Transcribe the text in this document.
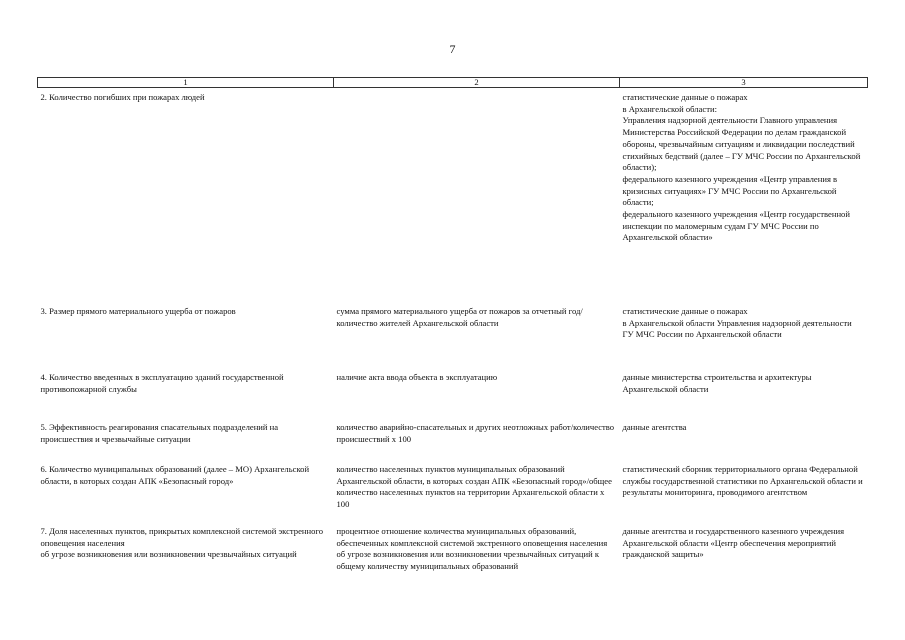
7
1	2	3
2. Количество погибших при пожарах людей		статистические данные о пожарах
в Архангельской области:
Управления надзорной деятельности Главного управления Министерства Российской Федерации по делам гражданской обороны, чрезвычайным ситуациям и ликвидации последствий стихийных бедствий (далее – ГУ МЧС России по Архангельской области);
федерального казенного учреждения «Центр управления в кризисных ситуациях» ГУ МЧС России по Архангельской области;
федерального казенного учреждения «Центр государственной инспекции по маломерным судам ГУ МЧС России по Архангельской области»
3. Размер прямого материального ущерба от пожаров	сумма прямого материального ущерба от пожаров за отчетный год/количество жителей Архангельской области	статистические данные о пожарах
в Архангельской области Управления надзорной деятельности ГУ МЧС России по Архангельской области
4. Количество введенных в эксплуатацию зданий государственной противопожарной службы	наличие акта ввода объекта в эксплуатацию	данные министерства строительства и архитектуры Архангельской области
5. Эффективность реагирования спасательных подразделений на происшествия и чрезвычайные ситуации	количество аварийно-спасательных и других неотложных работ/количество происшествий х 100	данные агентства
6. Количество муниципальных образований (далее – МО) Архангельской области, в которых создан АПК «Безопасный город»	количество населенных пунктов муниципальных образований Архангельской области, в которых создан АПК «Безопасный город»/общее количество населенных пунктов на территории Архангельской области х 100	статистический сборник территориального органа Федеральной службы государственной статистики по Архангельской области и результаты мониторинга, проводимого агентством
7. Доля населенных пунктов, прикрытых комплексной системой экстренного оповещения населения
об угрозе возникновения или возникновении чрезвычайных ситуаций	процентное отношение количества муниципальных образований, обеспеченных комплексной системой экстренного оповещения населения об угрозе возникновения или возникновении чрезвычайных ситуаций к общему количеству муниципальных образований	данные агентства и государственного казенного учреждения Архангельской области «Центр обеспечения мероприятий гражданской защиты»
